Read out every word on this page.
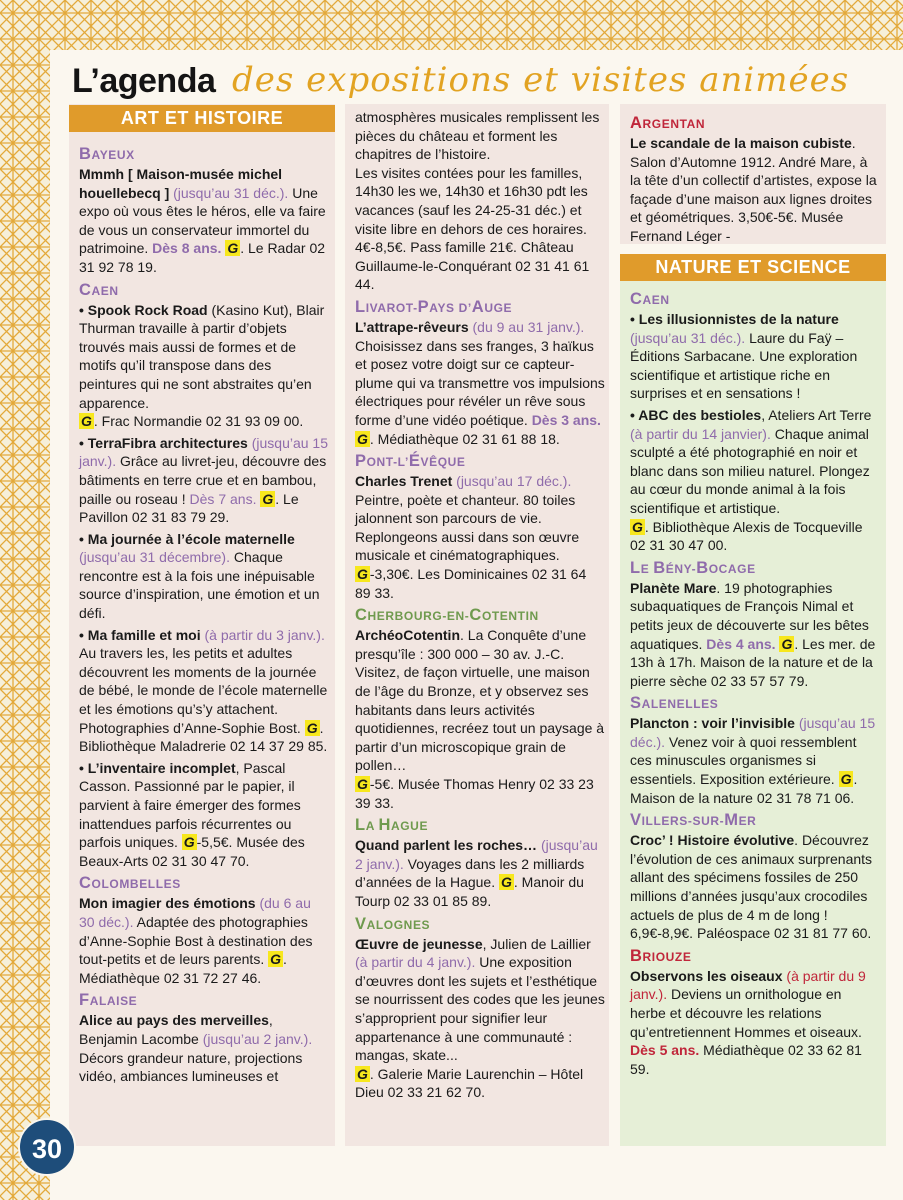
L’agenda des expositions et visites animées
ART ET HISTOIRE
NATURE ET SCIENCE
BAYEUX
Mmmh [ Maison-musée michel houellebecq ] (jusqu’au 31 déc.). Une expo où vous êtes le héros, elle va faire de vous un conservateur immortel du patrimoine. Dès 8 ans. G . Le Radar 02 31 92 78 19.
CAEN
• Spook Rock Road (Kasino Kut), Blair Thurman travaille à partir d’objets trouvés mais aussi de formes et de motifs qu’il transpose dans des peintures qui ne sont abstraites qu’en apparence.
G . Frac Normandie 02 31 93 09 00.
• TerraFibra architectures (jusqu’au 15 janv.). Grâce au livret-jeu, découvre des bâtiments en terre crue et en bambou, paille ou roseau ! Dès 7 ans. G . Le Pavillon 02 31 83 79 29.
• Ma journée à l’école maternelle (jusqu’au 31 décembre). Chaque rencontre est à la fois une inépuisable source d’inspiration, une émotion et un défi.
• Ma famille et moi (à partir du 3 janv.). Au travers les, les petits et adultes découvrent les moments de la journée de bébé, le monde de l’école maternelle et les émotions qu’s’y attachent. Photographies d’Anne-Sophie Bost. G . Bibliothèque Maladrerie 02 14 37 29 85.
• L’inventaire incomplet, Pascal Casson. Passionné par le papier, il parvient à faire émerger des formes inattendues parfois récurrentes ou parfois uniques. G -5,5€. Musée des Beaux-Arts 02 31 30 47 70.
COLOMBELLES
Mon imagier des émotions (du 6 au 30 déc.). Adaptée des photographies d’Anne-Sophie Bost à destination des tout-petits et de leurs parents. G . Médiathèque 02 31 72 27 46.
FALAISE
Alice au pays des merveilles, Benjamin Lacombe (jusqu’au 2 janv.). Décors grandeur nature, projections vidéo, ambiances lumineuses et
atmosphères musicales remplissent les pièces du château et forment les chapitres de l’histoire.
Les visites contées pour les familles, 14h30 les we, 14h30 et 16h30 pdt les vacances (sauf les 24-25-31 déc.) et visite libre en dehors de ces horaires. 4€-8,5€. Pass famille 21€. Château Guillaume-le-Conquérant 02 31 41 61 44.
LIVAROT-PAYS D’AUGE
L’attrape-rêveurs (du 9 au 31 janv.). Choisissez dans ses franges, 3 haïkus et posez votre doigt sur ce capteur-plume qui va transmettre vos impulsions électriques pour révéler un rêve sous forme d’une vidéo poétique. Dès 3 ans. G . Médiathèque 02 31 61 88 18.
PONT-L’ÉVÊQUE
Charles Trenet (jusqu’au 17 déc.). Peintre, poète et chanteur. 80 toiles jalonnent son parcours de vie. Replongeons aussi dans son œuvre musicale et cinématographiques.
G -3,30€. Les Dominicaines 02 31 64 89 33.
CHERBOURG-EN-COTENTIN
ArchéoCotentin. La Conquête d’une presqu’île : 300 000 – 30 av. J.-C. Visitez, de façon virtuelle, une maison de l’âge du Bronze, et y observez ses habitants dans leurs activités quotidiennes, recréez tout un paysage à partir d’un microscopique grain de pollen…
G -5€. Musée Thomas Henry 02 33 23 39 33.
LA HAGUE
Quand parlent les roches… (jusqu’au 2 janv.). Voyages dans les 2 milliards d’années de la Hague. G . Manoir du Tourp 02 33 01 85 89.
VALOGNES
Œuvre de jeunesse, Julien de Laillier (à partir du 4 janv.). Une exposition d’œuvres dont les sujets et l’esthétique se nourrissent des codes que les jeunes s’approprient pour signifier leur appartenance à une communauté : mangas, skate...
G . Galerie Marie Laurenchin – Hôtel Dieu 02 33 21 62 70.
ARGENTAN
Le scandale de la maison cubiste. Salon d’Automne 1912. André Mare, à la tête d’un collectif d’artistes, expose la façade d’une maison aux lignes droites et géométriques. 3,50€-5€. Musée Fernand Léger -
CAEN
• Les illusionnistes de la nature (jusqu’au 31 déc.). Laure du Faÿ – Éditions Sarbacane. Une exploration scientifique et artistique riche en surprises et en sensations !
• ABC des bestioles, Ateliers Art Terre (à partir du 14 janvier). Chaque animal sculpté a été photographié en noir et blanc dans son milieu naturel. Plongez au cœur du monde animal à la fois scientifique et artistique.
G . Bibliothèque Alexis de Tocqueville 02 31 30 47 00.
LE BÉNY-BOCAGE
Planète Mare. 19 photographies subaquatiques de François Nimal et petits jeux de découverte sur les bêtes aquatiques. Dès 4 ans. G . Les mer. de 13h à 17h. Maison de la nature et de la pierre sèche 02 33 57 57 79.
SALENELLES
Plancton : voir l’invisible (jusqu’au 15 déc.). Venez voir à quoi ressemblent ces minuscules organismes si essentiels. Exposition extérieure. G . Maison de la nature 02 31 78 71 06.
VILLERS-SUR-MER
Croc’ ! Histoire évolutive. Découvrez l’évolution de ces animaux surprenants allant des spécimens fossiles de 250 millions d’années jusqu’aux crocodiles actuels de plus de 4 m de long ! 6,9€-8,9€. Paléospace 02 31 81 77 60.
BRIOUZE
Observons les oiseaux (à partir du 9 janv.). Deviens un ornithologue en herbe et découvre les relations qu’entretiennent Hommes et oiseaux. Dès 5 ans. Médiathèque 02 33 62 81 59.
30
